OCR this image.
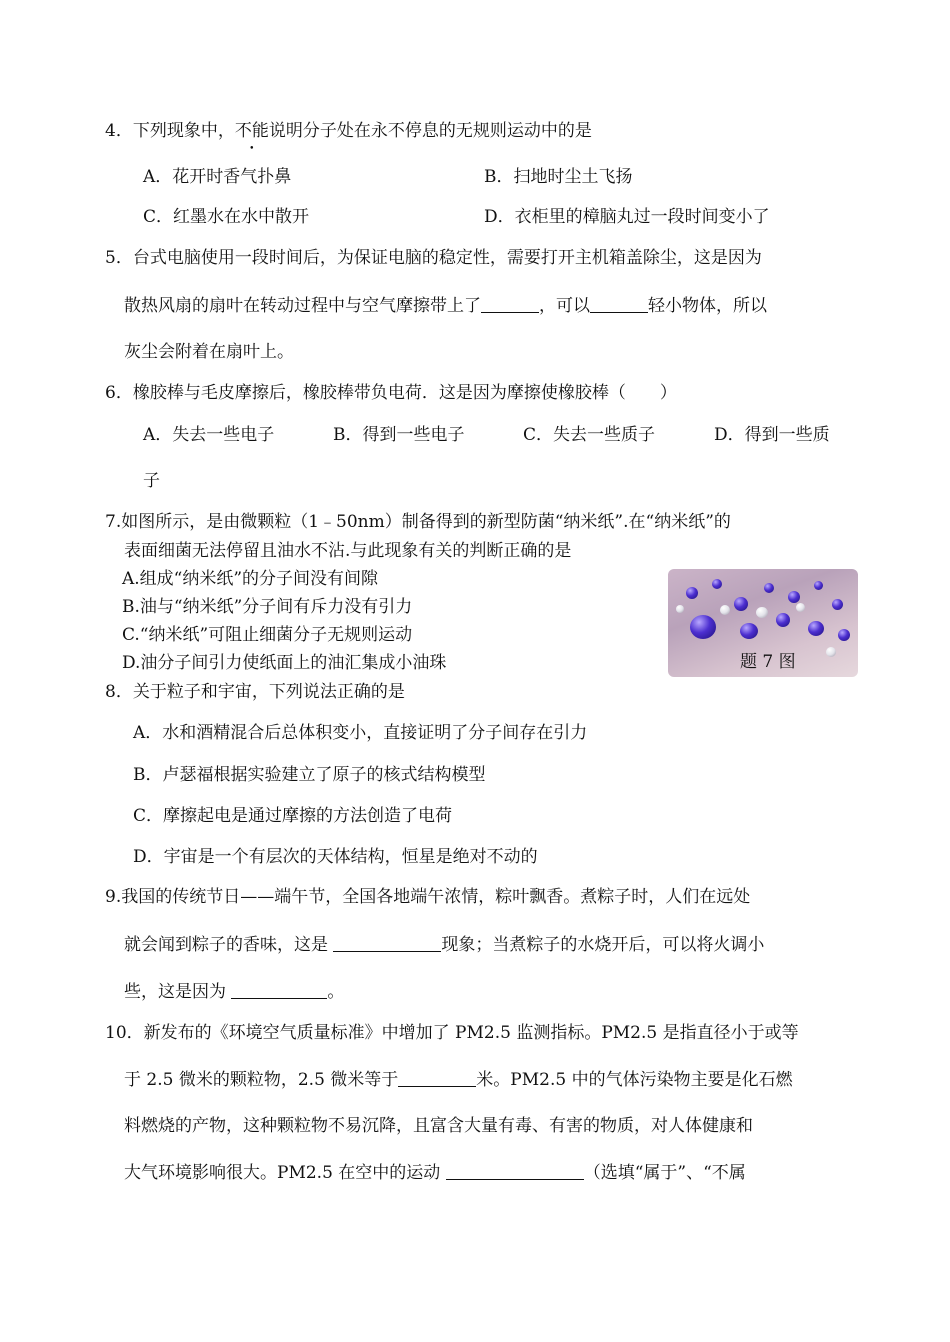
4．下列现象中，不能说明分子处在永不停息的无规则运动中的是
A．花开时香气扑鼻	B．扫地时尘土飞扬
C．红墨水在水中散开	D．衣柜里的樟脑丸过一段时间变小了
5．台式电脑使用一段时间后，为保证电脑的稳定性，需要打开主机箱盖除尘，这是因为
散热风扇的扇叶在转动过程中与空气摩擦带上了	，可以	轻小物体，所以
灰尘会附着在扇叶上。
6．橡胶棒与毛皮摩擦后，橡胶棒带负电荷．这是因为摩擦使橡胶棒（　　）
A．失去一些电子	B．得到一些电子	C．失去一些质子	D．得到一些质
子
7.如图所示，是由微颗粒（1﹣50nm）制备得到的新型防菌“纳米纸”.在“纳米纸”的
表面细菌无法停留且油水不沾.与此现象有关的判断正确的是
A.组成“纳米纸”的分子间没有间隙
B.油与“纳米纸”分子间有斥力没有引力
C.“纳米纸”可阻止细菌分子无规则运动
D.油分子间引力使纸面上的油汇集成小油珠	题 7 图
8．关于粒子和宇宙，下列说法正确的是
A．水和酒精混合后总体积变小，直接证明了分子间存在引力
B．卢瑟福根据实验建立了原子的核式结构模型
C．摩擦起电是通过摩擦的方法创造了电荷
D．宇宙是一个有层次的天体结构，恒星是绝对不动的
9.我国的传统节日——端午节，全国各地端午浓情，粽叶飘香。煮粽子时，人们在远处
就会闻到粽子的香味，这是	现象；当煮粽子的水烧开后，可以将火调小
些，这是因为	。
10．新发布的《环境空气质量标准》中增加了 PM2.5 监测指标。PM2.5 是指直径小于或等
于 2.5 微米的颗粒物，2.5 微米等于	米。PM2.5 中的气体污染物主要是化石燃
料燃烧的产物，这种颗粒物不易沉降，且富含大量有毒、有害的物质，对人体健康和
大气环境影响很大。PM2.5 在空中的运动	（选填“属于”、“不属
